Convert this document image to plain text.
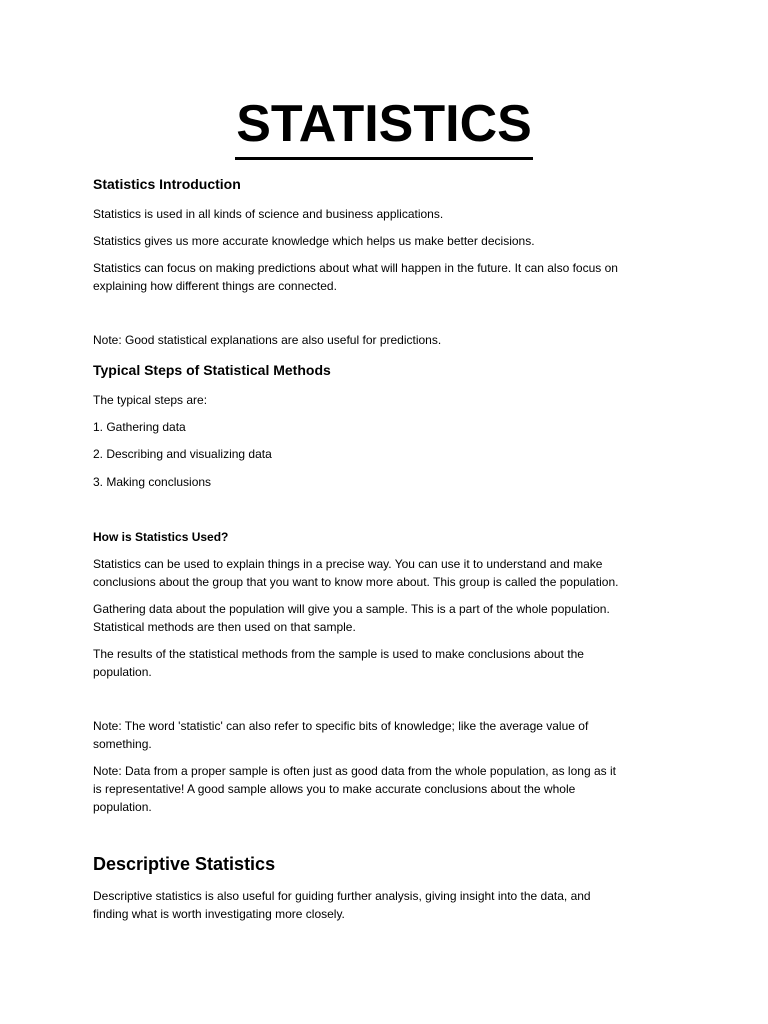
STATISTICS
Statistics Introduction
Statistics is used in all kinds of science and business applications.
Statistics gives us more accurate knowledge which helps us make better decisions.
Statistics can focus on making predictions about what will happen in the future. It can also focus on
explaining how different things are connected.
Note: Good statistical explanations are also useful for predictions.
Typical Steps of Statistical Methods
The typical steps are:
1. Gathering data
2. Describing and visualizing data
3. Making conclusions
How is Statistics Used?
Statistics can be used to explain things in a precise way. You can use it to understand and make
conclusions about the group that you want to know more about. This group is called the population.
Gathering data about the population will give you a sample. This is a part of the whole population.
Statistical methods are then used on that sample.
The results of the statistical methods from the sample is used to make conclusions about the
population.
Note: The word 'statistic' can also refer to specific bits of knowledge; like the average value of
something.
Note: Data from a proper sample is often just as good data from the whole population, as long as it
is representative! A good sample allows you to make accurate conclusions about the whole
population.
Descriptive Statistics
Descriptive statistics is also useful for guiding further analysis, giving insight into the data, and
finding what is worth investigating more closely.
